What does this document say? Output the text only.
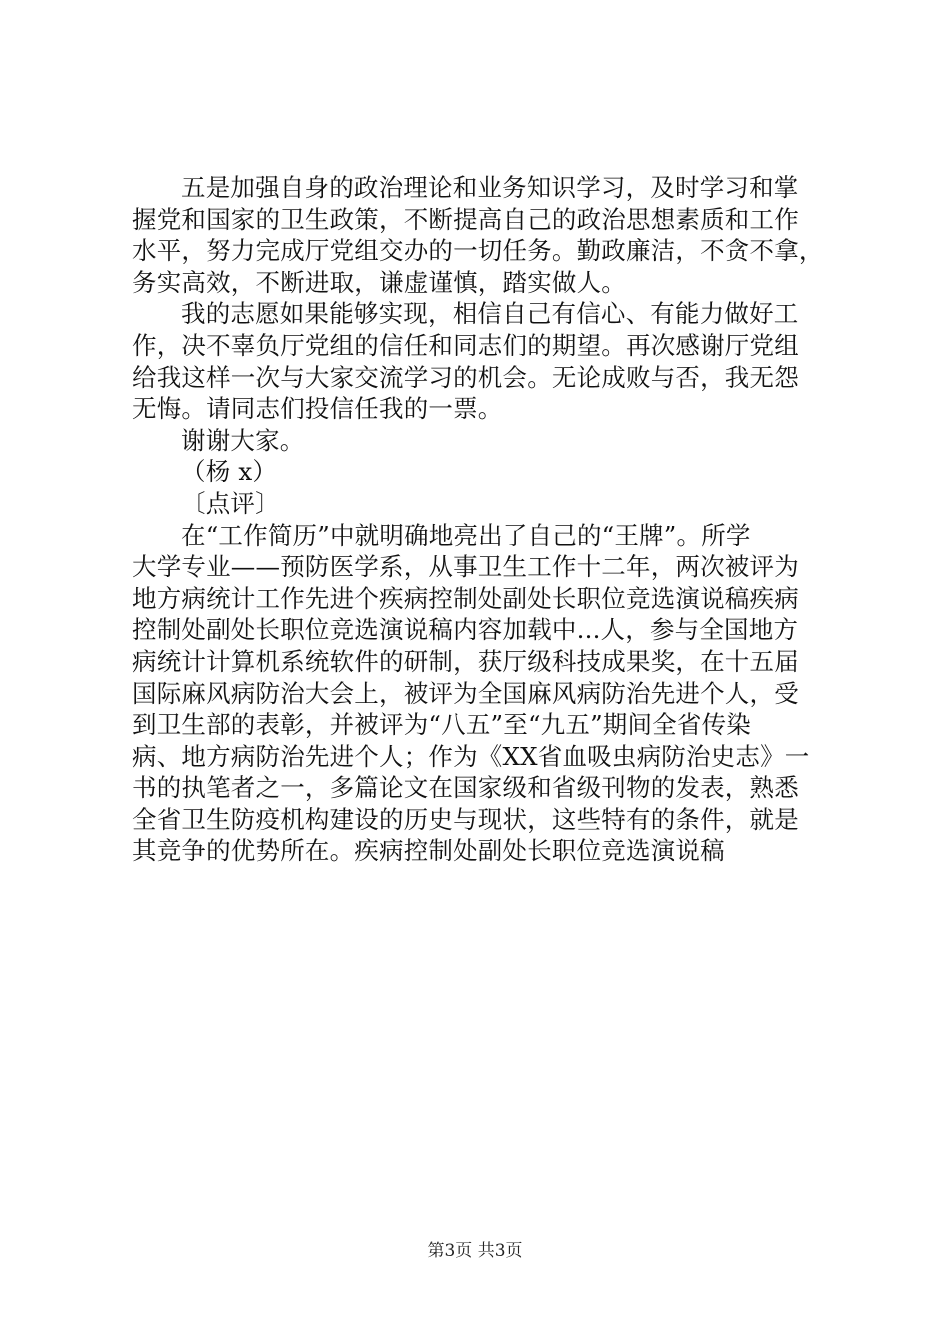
五是加强自身的政治理论和业务知识学习，及时学习和掌
握党和国家的卫生政策，不断提高自己的政治思想素质和工作
水平，努力完成厅党组交办的一切任务。勤政廉洁，不贪不拿，
务实高效，不断进取，谦虚谨慎，踏实做人。
我的志愿如果能够实现，相信自己有信心、有能力做好工
作，决不辜负厅党组的信任和同志们的期望。再次感谢厅党组
给我这样一次与大家交流学习的机会。无论成败与否，我无怨
无悔。请同志们投信任我的一票。
谢谢大家。
（杨 x）
〔点评〕
在“工作简历”中就明确地亮出了自己的“王牌”。所学
大学专业——预防医学系，从事卫生工作十二年，两次被评为
地方病统计工作先进个疾病控制处副处长职位竞选演说稿疾病
控制处副处长职位竞选演说稿内容加载中...人，参与全国地方
病统计计算机系统软件的研制，获厅级科技成果奖，在十五届
国际麻风病防治大会上，被评为全国麻风病防治先进个人，受
到卫生部的表彰，并被评为“八五”至“九五”期间全省传染
病、地方病防治先进个人；作为《XX省血吸虫病防治史志》一
书的执笔者之一，多篇论文在国家级和省级刊物的发表，熟悉
全省卫生防疫机构建设的历史与现状，这些特有的条件，就是
其竞争的优势所在。疾病控制处副处长职位竞选演说稿
第3页 共3页
